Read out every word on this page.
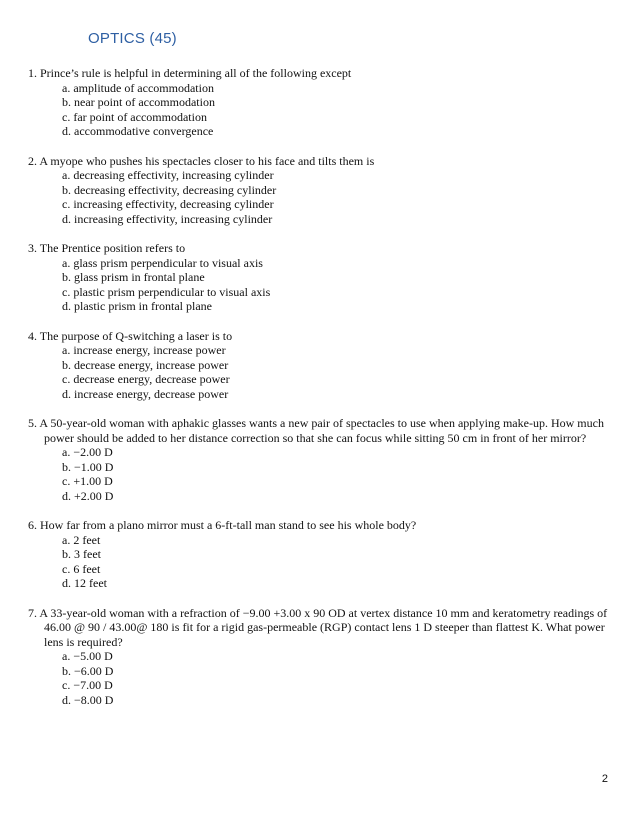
OPTICS (45)
1. Prince’s rule is helpful in determining all of the following except
a. amplitude of accommodation
b. near point of accommodation
c. far point of accommodation
d. accommodative convergence
2. A myope who pushes his spectacles closer to his face and tilts them is
a. decreasing effectivity, increasing cylinder
b. decreasing effectivity, decreasing cylinder
c. increasing effectivity, decreasing cylinder
d. increasing effectivity, increasing cylinder
3. The Prentice position refers to
a. glass prism perpendicular to visual axis
b. glass prism in frontal plane
c. plastic prism perpendicular to visual axis
d. plastic prism in frontal plane
4. The purpose of Q-switching a laser is to
a. increase energy, increase power
b. decrease energy, increase power
c. decrease energy, decrease power
d. increase energy, decrease power
5. A 50-year-old woman with aphakic glasses wants a new pair of spectacles to use when applying make-up. How much power should be added to her distance correction so that she can focus while sitting 50 cm in front of her mirror?
a. −2.00 D
b. −1.00 D
c. +1.00 D
d. +2.00 D
6. How far from a plano mirror must a 6-ft-tall man stand to see his whole body?
a. 2 feet
b. 3 feet
c. 6 feet
d. 12 feet
7. A 33-year-old woman with a refraction of −9.00 +3.00 x 90 OD at vertex distance 10 mm and keratometry readings of 46.00 @ 90 / 43.00@ 180 is fit for a rigid gas-permeable (RGP) contact lens 1 D steeper than flattest K. What power lens is required?
a. −5.00 D
b. −6.00 D
c. −7.00 D
d. −8.00 D
2
